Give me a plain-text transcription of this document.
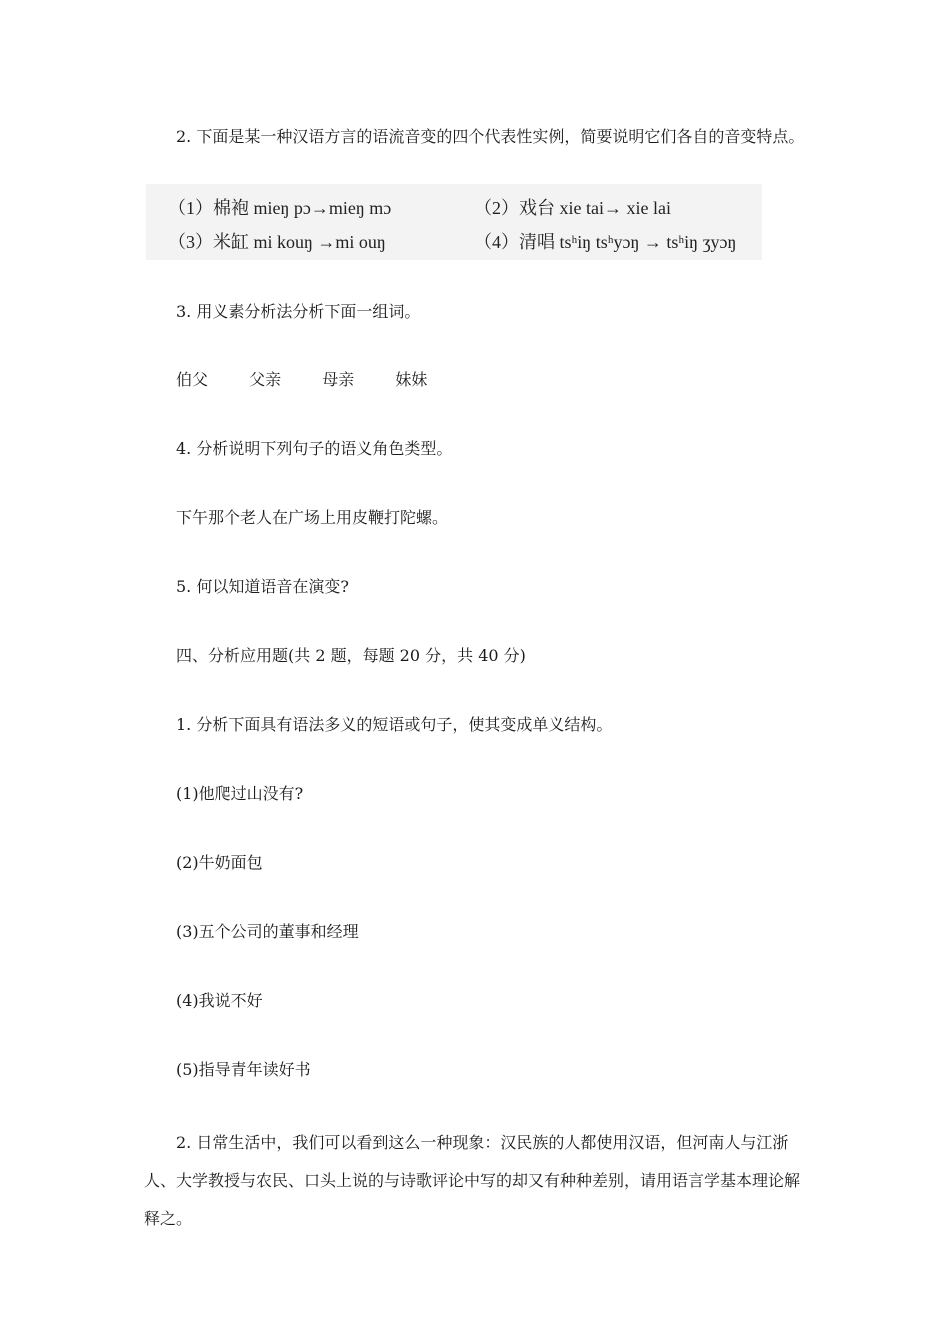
2. 下面是某一种汉语方言的语流音变的四个代表性实例，简要说明它们各自的音变特点。

（1）棉袍 mieŋ pɔ→mieŋ mɔ	（2）戏台 xie tai→ xie lai
（3）米缸 mi kouŋ →mi ouŋ	（4）清唱 tsʰiŋ tsʰyɔŋ → tsʰiŋ ʒyɔŋ
3. 用义素分析法分析下面一组词。
伯父	父亲	母亲	妹妹
4. 分析说明下列句子的语义角色类型。
下午那个老人在广场上用皮鞭打陀螺。
5. 何以知道语音在演变?
四、分析应用题(共 2 题，每题 20 分，共 40 分)
1. 分析下面具有语法多义的短语或句子，使其变成单义结构。
(1)他爬过山没有?
(2)牛奶面包
(3)五个公司的董事和经理
(4)我说不好
(5)指导青年读好书

2. 日常生活中，我们可以看到这么一种现象：汉民族的人都使用汉语，但河南人与江浙人、大学教授与农民、口头上说的与诗歌评论中写的却又有种种差别，请用语言学基本理论解释之。
